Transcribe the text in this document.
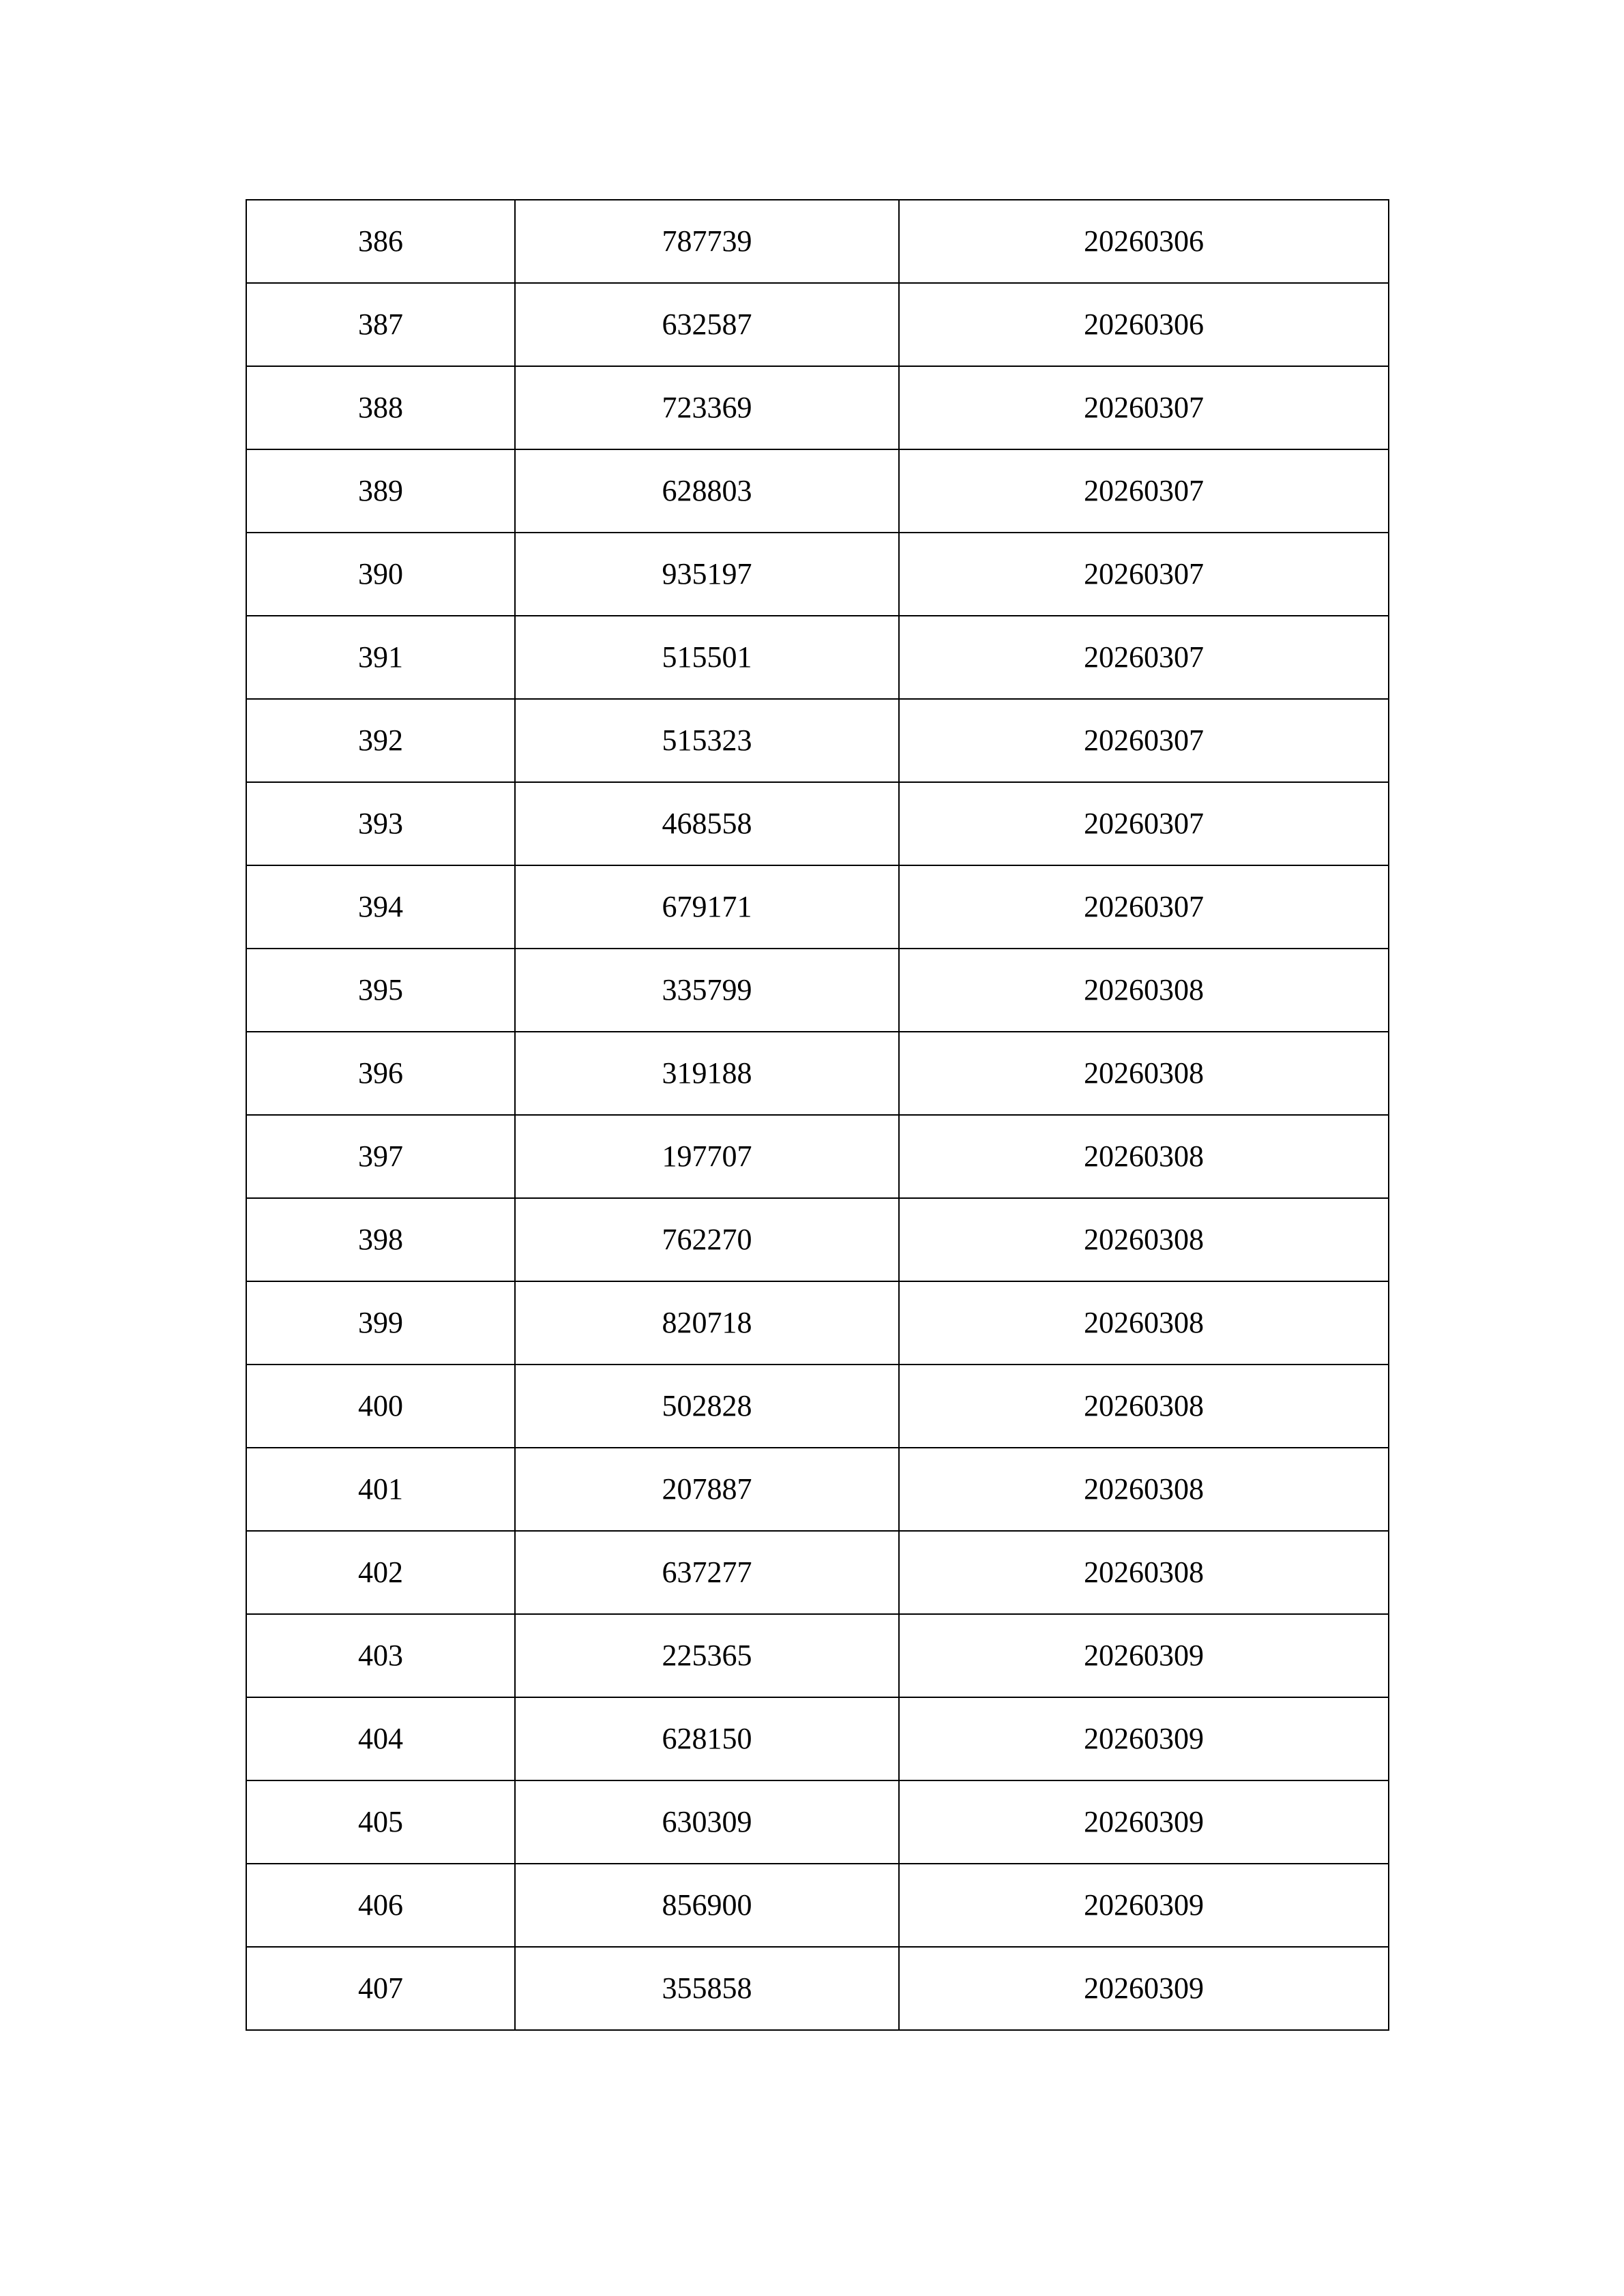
386	787739	20260306
387	632587	20260306
388	723369	20260307
389	628803	20260307
390	935197	20260307
391	515501	20260307
392	515323	20260307
393	468558	20260307
394	679171	20260307
395	335799	20260308
396	319188	20260308
397	197707	20260308
398	762270	20260308
399	820718	20260308
400	502828	20260308
401	207887	20260308
402	637277	20260308
403	225365	20260309
404	628150	20260309
405	630309	20260309
406	856900	20260309
407	355858	20260309
